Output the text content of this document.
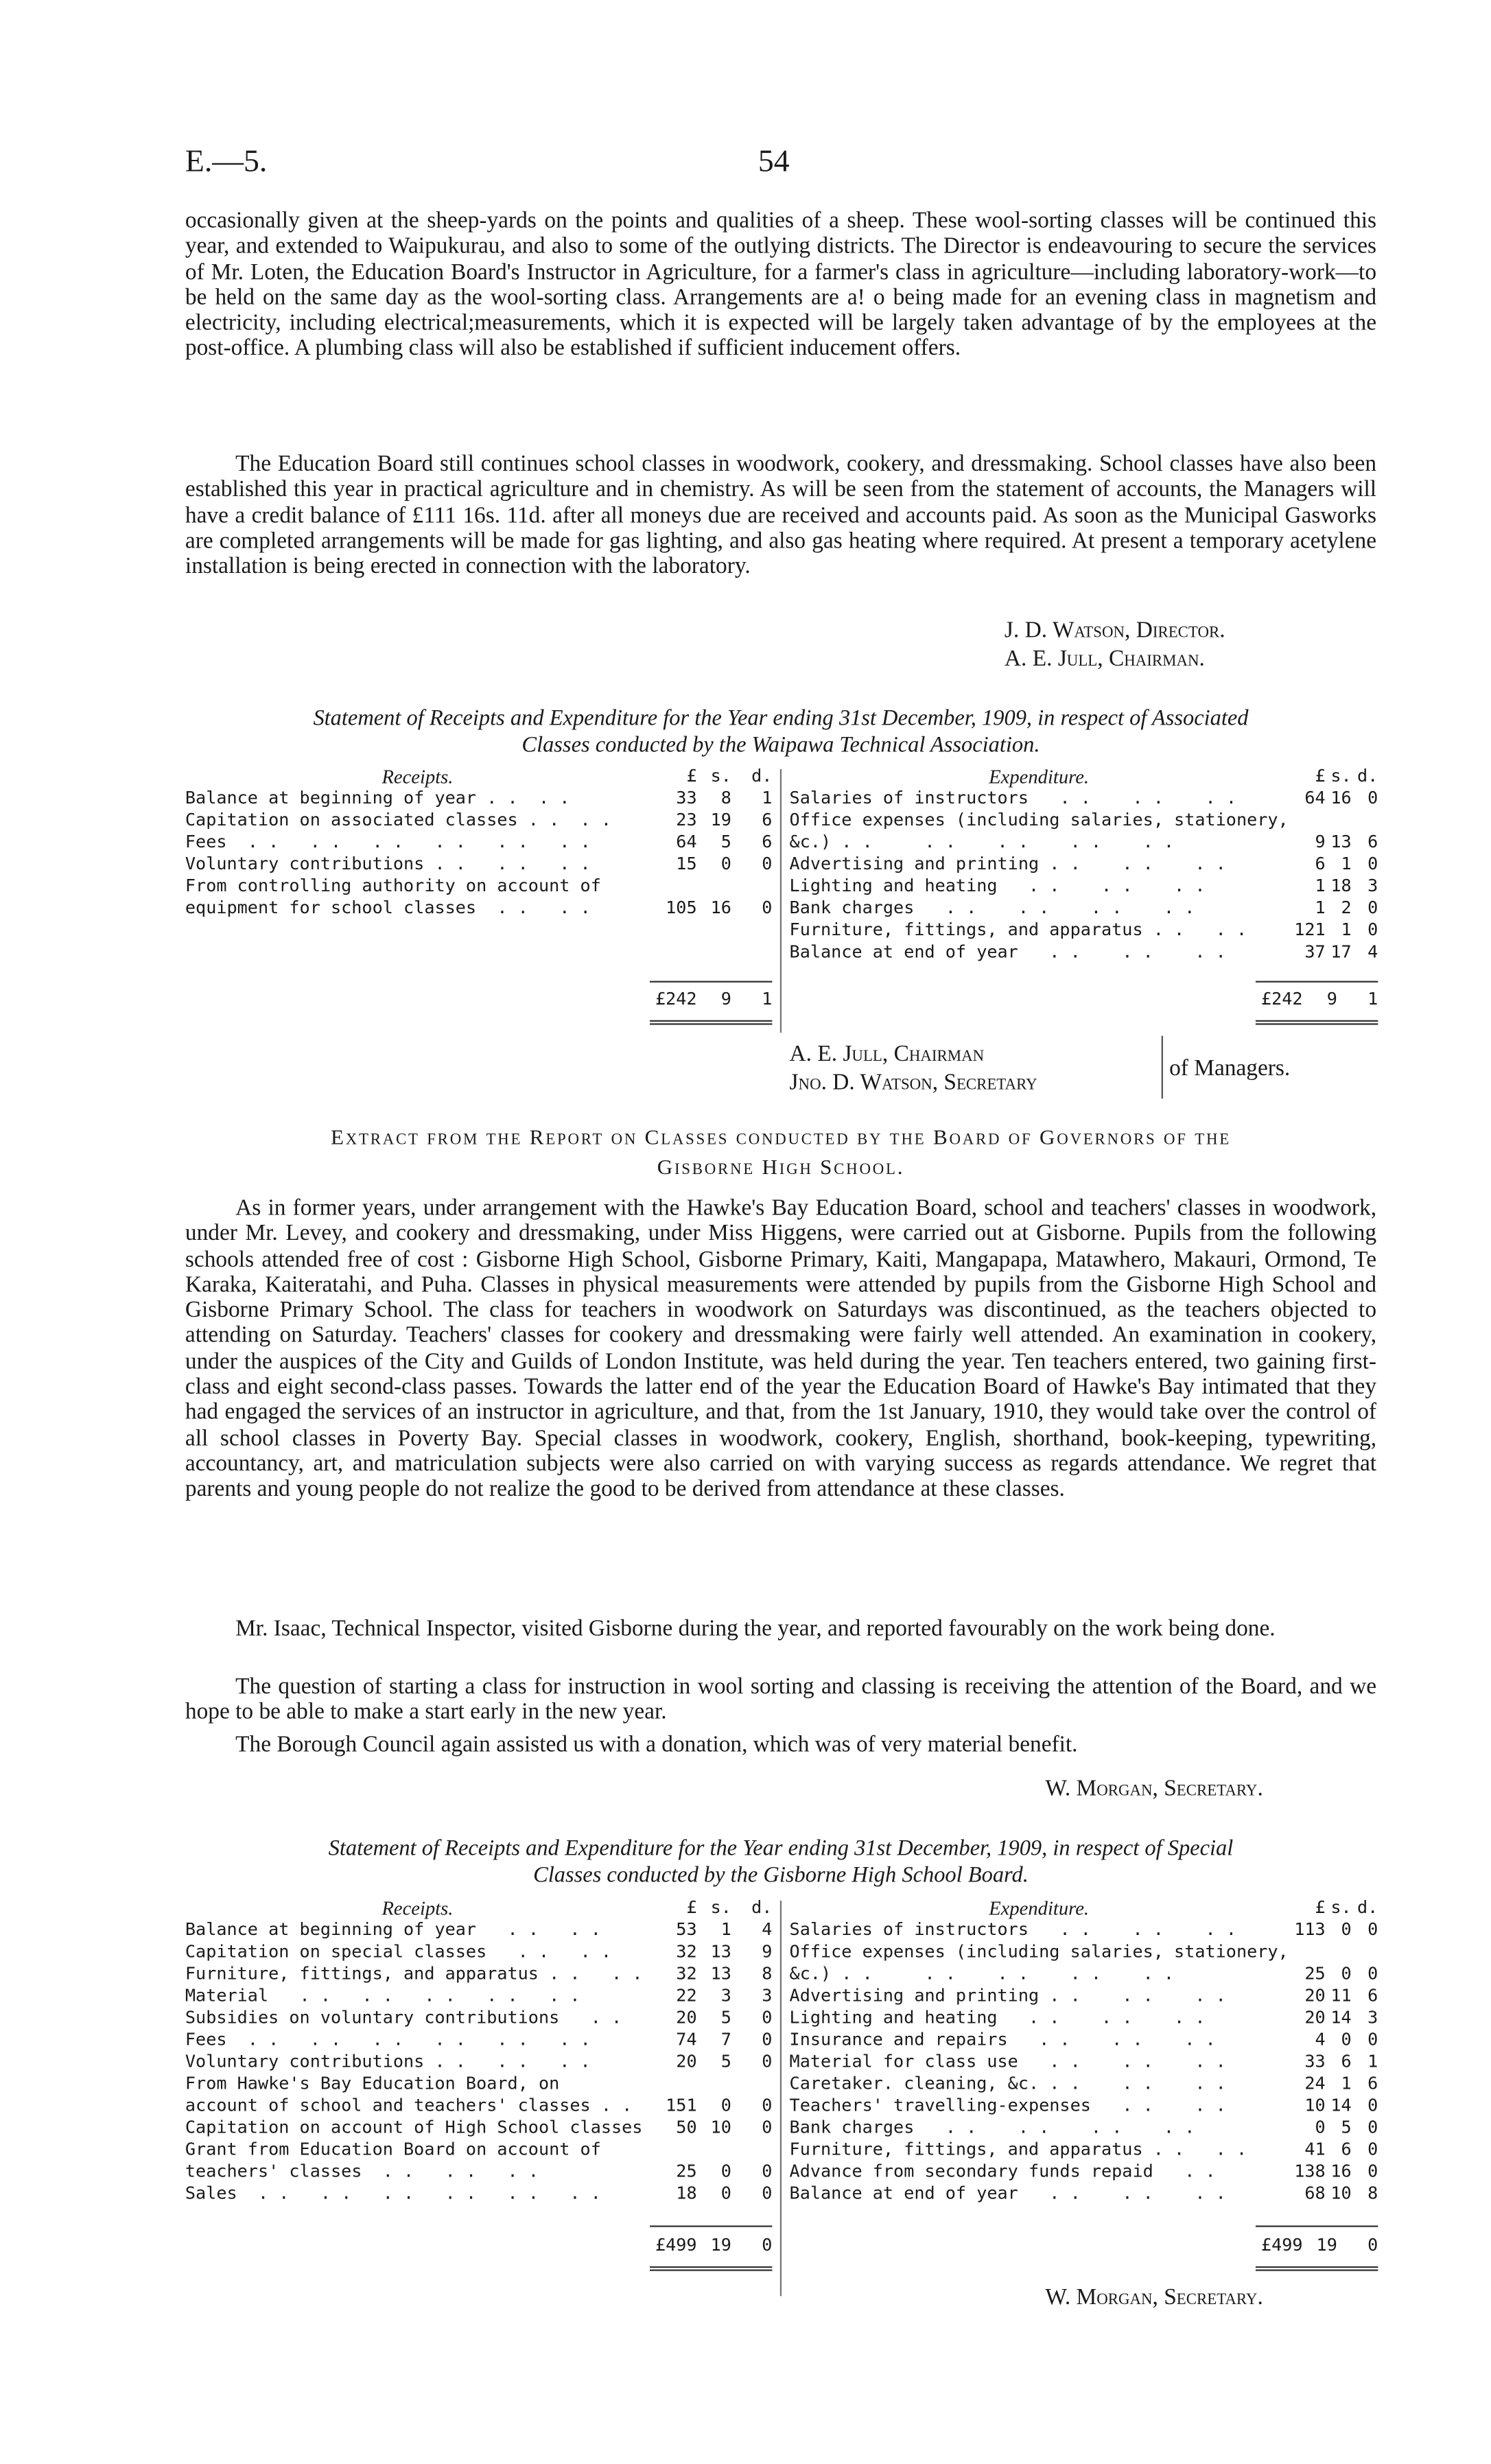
E.—5.	54

occasionally given at the sheep-yards on the points and qualities of a sheep. These wool-sorting classes will be continued this year, and extended to Waipukurau, and also to some of the outlying districts. The Director is endeavouring to secure the services of Mr. Loten, the Education Board's Instructor in Agriculture, for a farmer's class in agriculture—including laboratory-work—to be held on the same day as the wool-sorting class. Arrangements are a! o being made for an evening class in magnetism and electricity, including electrical;measurements, which it is expected will be largely taken advantage of by the employees at the post-office. A plumbing class will also be established if sufficient inducement offers.

The Education Board still continues school classes in woodwork, cookery, and dressmaking. School classes have also been established this year in practical agriculture and in chemistry. As will be seen from the statement of accounts, the Managers will have a credit balance of £111 16s. 11d. after all moneys due are received and accounts paid. As soon as the Municipal Gasworks are completed arrangements will be made for gas lighting, and also gas heating where required. At present a temporary acetylene installation is being erected in connection with the laboratory.

J. D. Watson, Director.
A. E. Jull, Chairman.

Statement of Receipts and Expenditure for the Year ending 31st December, 1909, in respect of Associated

Classes conducted by the Waipawa Technical Association.

Receipts.	£	s.	d.
Balance at beginning of year . .  . .	33	8	1
Capitation on associated classes . .  . .	23	19	6
Fees  . .   . .   . .   . .   . .   . .	64	5	6
Voluntary contributions . .   . .   . .	15	0	0
From controlling authority on account of			
equipment for school classes  . .   . .	105	16	0
Expenditure.	£	s.	d.
Salaries of instructors   . .    . .    . .	64	16	0
Office expenses (including salaries, stationery,			
&c.) . .     . .    . .    . .    . .	9	13	6
Advertising and printing . .    . .    . .	6	1	0
Lighting and heating   . .    . .    . .	1	18	3
Bank charges   . .    . .    . .    . .	1	2	0
Furniture, fittings, and apparatus . .   . .	121	1	0
Balance at end of year   . .    . .    . .	37	17	4
£242	9	1	£242	9	1
A. E. Jull, Chairman
Jno. D. Watson, Secretary
of Managers.

Extract from the Report on Classes conducted by the Board of Governors of the

Gisborne High School.

As in former years, under arrangement with the Hawke's Bay Education Board, school and teachers' classes in woodwork, under Mr. Levey, and cookery and dressmaking, under Miss Higgens, were carried out at Gisborne. Pupils from the following schools attended free of cost : Gisborne High School, Gisborne Primary, Kaiti, Mangapapa, Matawhero, Makauri, Ormond, Te Karaka, Kaiteratahi, and Puha. Classes in physical measurements were attended by pupils from the Gisborne High School and Gisborne Primary School. The class for teachers in woodwork on Saturdays was discontinued, as the teachers objected to attending on Saturday. Teachers' classes for cookery and dressmaking were fairly well attended. An examination in cookery, under the auspices of the City and Guilds of London Institute, was held during the year. Ten teachers entered, two gaining first-class and eight second-class passes. Towards the latter end of the year the Education Board of Hawke's Bay intimated that they had engaged the services of an instructor in agriculture, and that, from the 1st January, 1910, they would take over the control of all school classes in Poverty Bay. Special classes in woodwork, cookery, English, shorthand, book-keeping, typewriting, accountancy, art, and matriculation subjects were also carried on with varying success as regards attendance. We regret that parents and young people do not realize the good to be derived from attendance at these classes.

Mr. Isaac, Technical Inspector, visited Gisborne during the year, and reported favourably on the work being done.

The question of starting a class for instruction in wool sorting and classing is receiving the attention of the Board, and we hope to be able to make a start early in the new year.

The Borough Council again assisted us with a donation, which was of very material benefit.

W. Morgan, Secretary.

Statement of Receipts and Expenditure for the Year ending 31st December, 1909, in respect of Special

Classes conducted by the Gisborne High School Board.

Receipts.	£	s.	d.
Balance at beginning of year   . .   . .	53	1	4
Capitation on special classes   . .   . .	32	13	9
Furniture, fittings, and apparatus . .   . .	32	13	8
Material   . .   . .   . .   . .   . .	22	3	3
Subsidies on voluntary contributions   . .	20	5	0
Fees  . .   . .   . .   . .   . .   . .	74	7	0
Voluntary contributions . .   . .   . .	20	5	0
From Hawke's Bay Education Board, on			
account of school and teachers' classes . .	151	0	0
Capitation on account of High School classes	50	10	0
Grant from Education Board on account of			
teachers' classes  . .   . .   . .	25	0	0
Sales  . .   . .   . .   . .   . .   . .	18	0	0
Expenditure.	£	s.	d.
Salaries of instructors   . .    . .    . .	113	0	0
Office expenses (including salaries, stationery,			
&c.) . .     . .    . .    . .    . .	25	0	0
Advertising and printing . .    . .    . .	20	11	6
Lighting and heating   . .    . .    . .	20	14	3
Insurance and repairs   . .    . .    . .	4	0	0
Material for class use   . .    . .    . .	33	6	1
Caretaker. cleaning, &c. . .    . .    . .	24	1	6
Teachers' travelling-expenses   . .    . .	10	14	0
Bank charges   . .    . .    . .    . .	0	5	0
Furniture, fittings, and apparatus . .   . .	41	6	0
Advance from secondary funds repaid   . .	138	16	0
Balance at end of year   . .    . .    . .	68	10	8
£499	19	0	£499	19	0
W. Morgan, Secretary.
